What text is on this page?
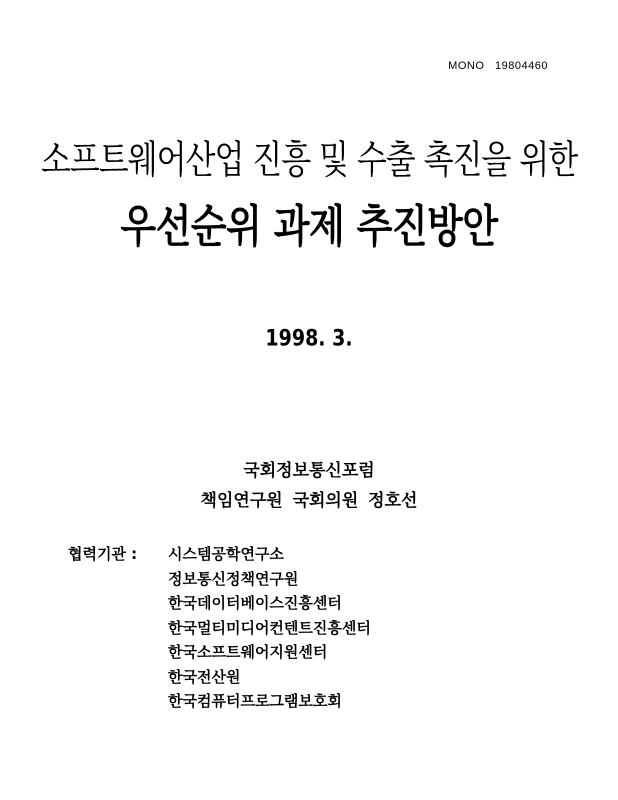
MONO   19804460
소프트웨어산업 진흥 및 수출 촉진을 위한
우선순위 과제 추진방안
1998. 3.
국회정보통신포럼
책임연구원 국회의원 정호선
협력기관 : 시스템공학연구소
정보통신정책연구원
한국데이터베이스진흥센터
한국멀티미디어컨텐트진흥센터
한국소프트웨어지원센터
한국전산원
한국컴퓨터프로그램보호회
